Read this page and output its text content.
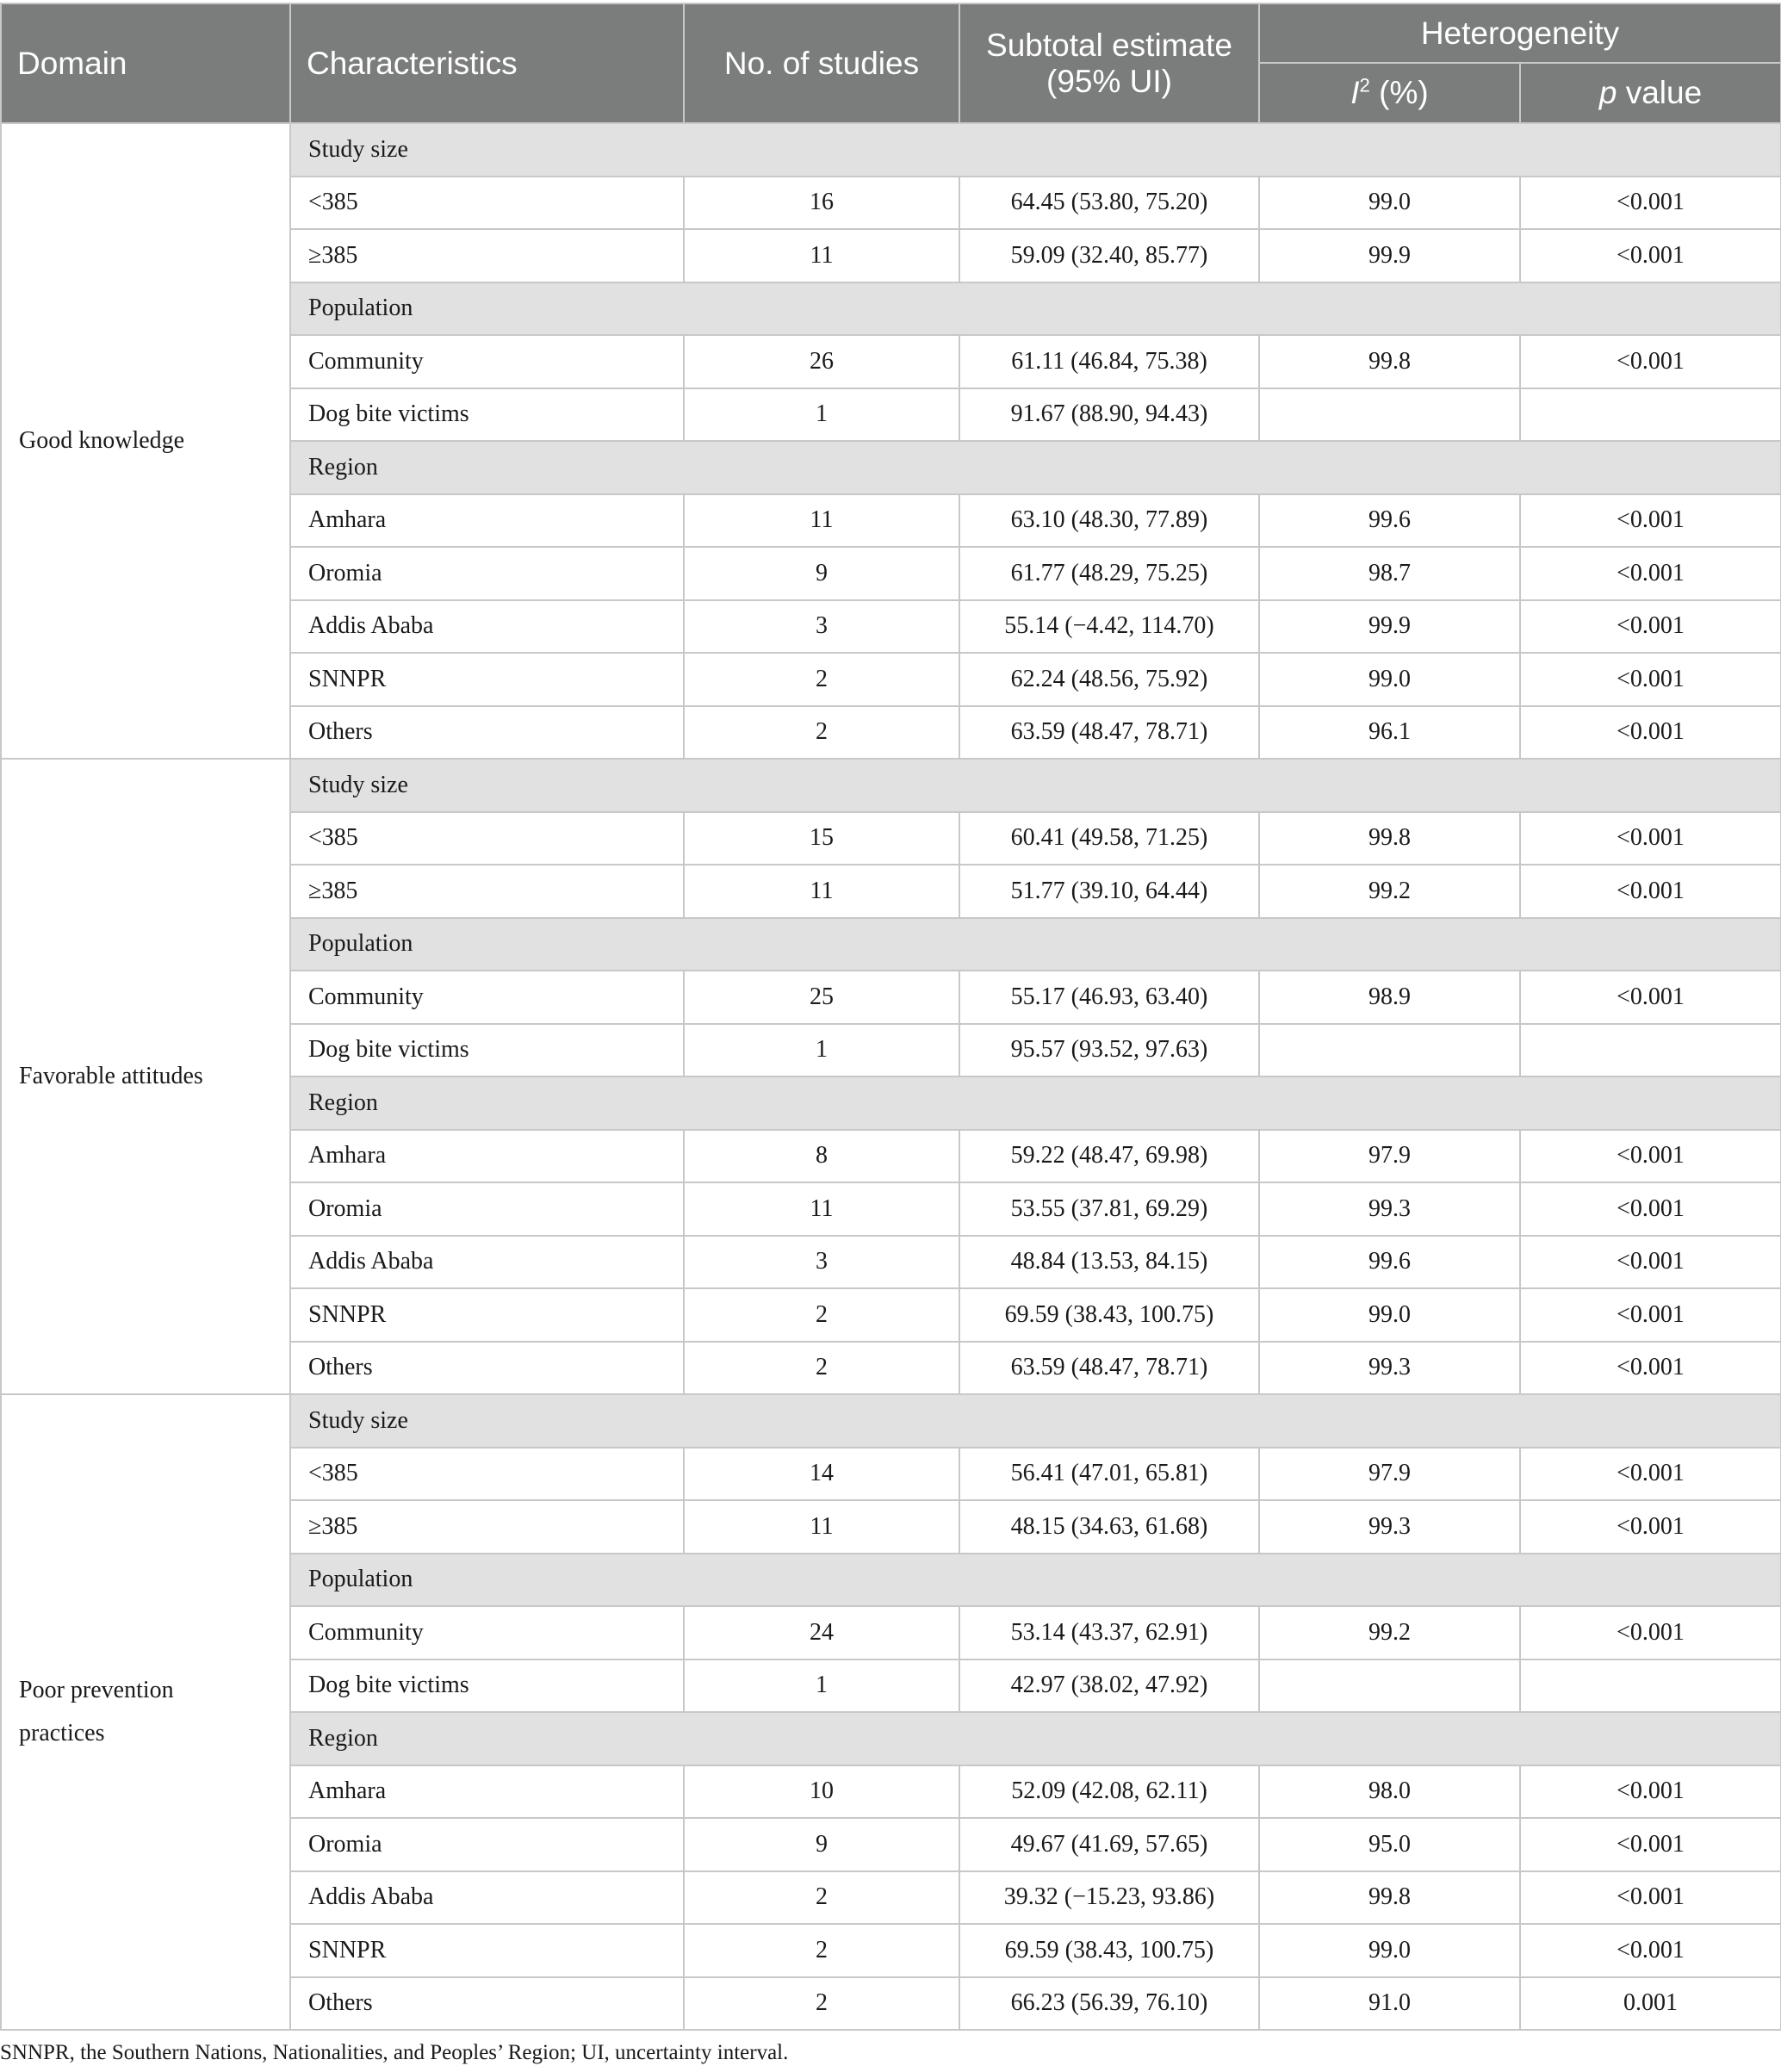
Domain	Characteristics	No. of studies	Subtotal estimate (95% UI)	Heterogeneity	
				$I^2$ (%)	p value
Good knowledge	Study size				
	<385	16	64.45 (53.80, 75.20)	99.0	<0.001
	≥385	11	59.09 (32.40, 85.77)	99.9	<0.001
	Population				
	Community	26	61.11 (46.84, 75.38)	99.8	<0.001
	Dog bite victims	1	91.67 (88.90, 94.43)		
	Region				
	Amhara	11	63.10 (48.30, 77.89)	99.6	<0.001
	Oromia	9	61.77 (48.29, 75.25)	98.7	<0.001
	Addis Ababa	3	55.14 (−4.42, 114.70)	99.9	<0.001
	SNNPR	2	62.24 (48.56, 75.92)	99.0	<0.001
	Others	2	63.59 (48.47, 78.71)	96.1	<0.001
Favorable attitudes	Study size				
	<385	15	60.41 (49.58, 71.25)	99.8	<0.001
	≥385	11	51.77 (39.10, 64.44)	99.2	<0.001
	Population				
	Community	25	55.17 (46.93, 63.40)	98.9	<0.001
	Dog bite victims	1	95.57 (93.52, 97.63)		
	Region				
	Amhara	8	59.22 (48.47, 69.98)	97.9	<0.001
	Oromia	11	53.55 (37.81, 69.29)	99.3	<0.001
	Addis Ababa	3	48.84 (13.53, 84.15)	99.6	<0.001
	SNNPR	2	69.59 (38.43, 100.75)	99.0	<0.001
	Others	2	63.59 (48.47, 78.71)	99.3	<0.001
Poor prevention practices	Study size				
	<385	14	56.41 (47.01, 65.81)	97.9	<0.001
	≥385	11	48.15 (34.63, 61.68)	99.3	<0.001
	Population				
	Community	24	53.14 (43.37, 62.91)	99.2	<0.001
	Dog bite victims	1	42.97 (38.02, 47.92)		
	Region				
	Amhara	10	52.09 (42.08, 62.11)	98.0	<0.001
	Oromia	9	49.67 (41.69, 57.65)	95.0	<0.001
	Addis Ababa	2	39.32 (−15.23, 93.86)	99.8	<0.001
	SNNPR	2	69.59 (38.43, 100.75)	99.0	<0.001
	Others	2	66.23 (56.39, 76.10)	91.0	0.001

SNNPR, the Southern Nations, Nationalities, and Peoples’ Region; UI, uncertainty interval.
